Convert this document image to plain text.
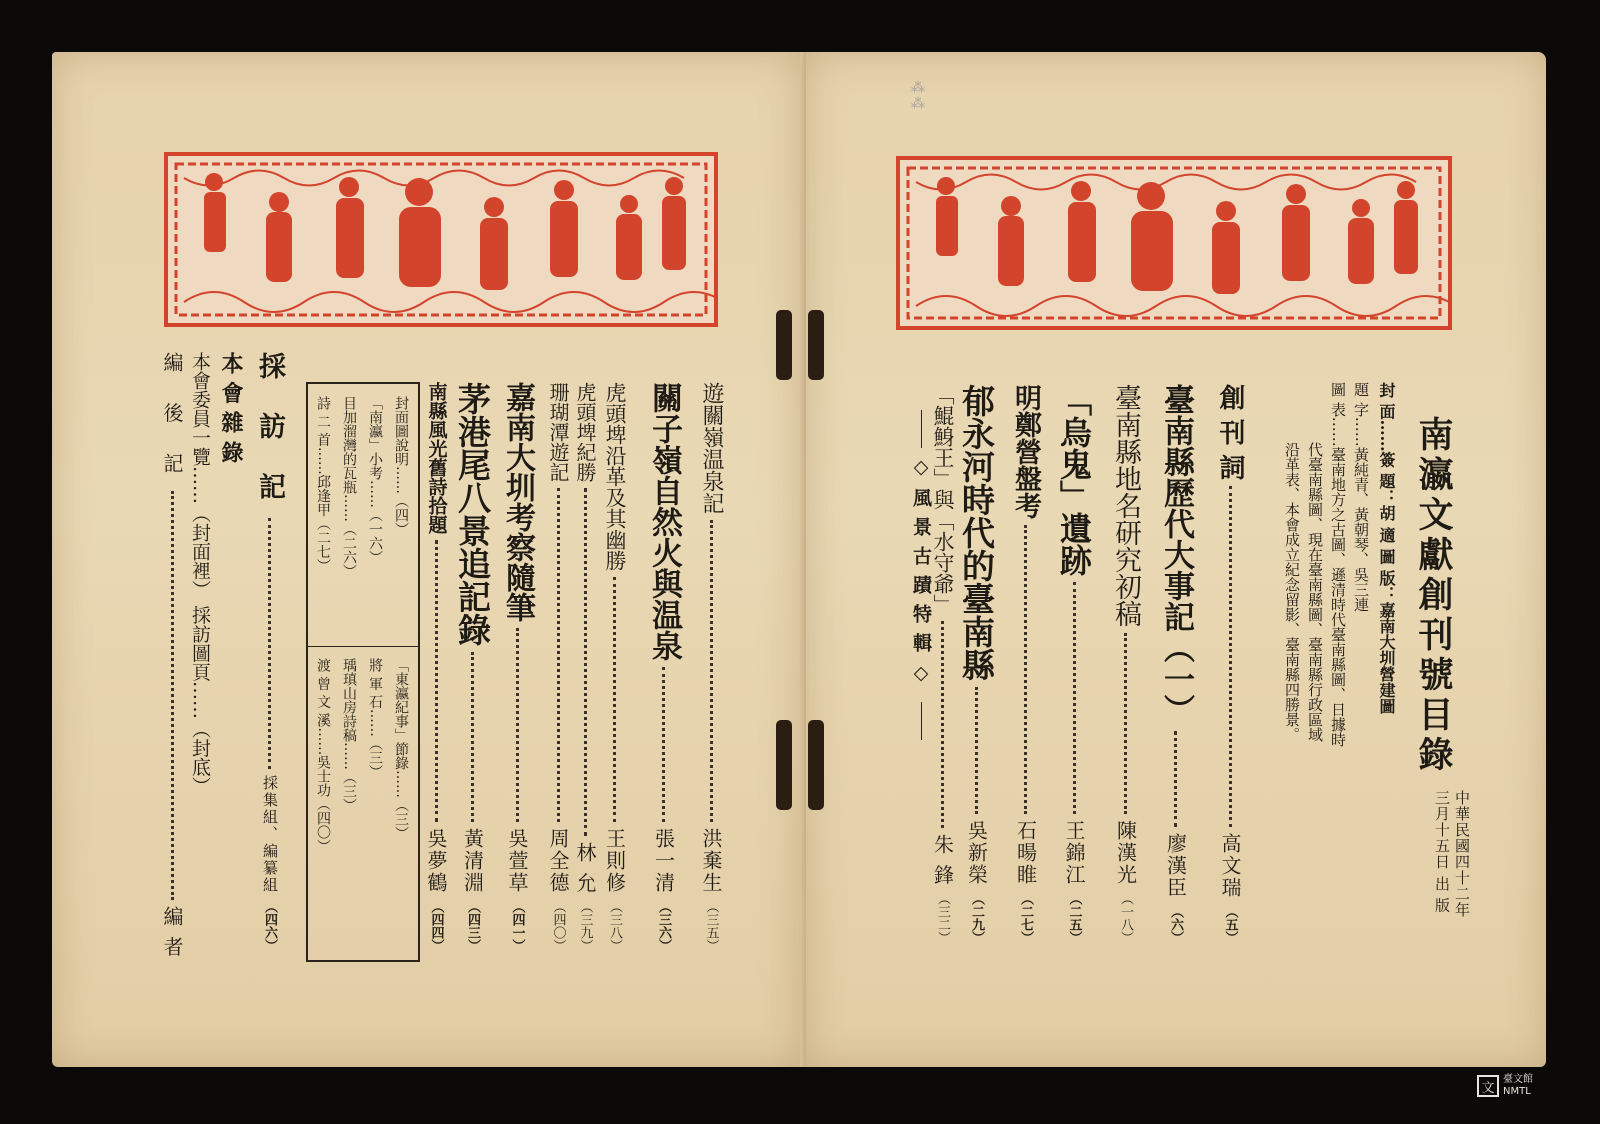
⁂⁂
南瀛文獻創刊號目錄
中華民國四十二年
三月十五日 出 版
封 面……簽 題：胡 適 圖 版：嘉南大圳營建圖
題 字……黃純青、黃朝琴、吳三連
圖 表……臺南地方之古圖、遜清時代臺南縣圖、日據時
代臺南縣圖、現在臺南縣圖、臺南縣行政區域
沿革表、本會成立紀念留影、臺南縣四勝景。
創 刊 詞
高文瑞
（五）
臺南縣歷代大事記（一）
廖漢臣
（六）
臺南縣地名研究初稿
陳漢光
（一八）
「烏鬼」遺跡
王錦江
（二五）
明鄭營盤考
石暘睢
（二七）
郁永河時代的臺南縣
吳新榮
（二九）
「鯤鯓王」與「水守爺」
朱 鋒
（三二）
◇風景古蹟特輯◇
遊關嶺温泉記
洪棄生
（三五）
關子嶺自然火與温泉
張一清
（三六）
虎頭埤沿革及其幽勝
王則修
（三八）
虎頭埤紀勝
林 允
（三九）
珊瑚潭遊記
周全德
（四〇）
嘉南大圳考察隨筆
吳萱草
（四一）
茅港尾八景追記錄
黃清淵
（四三）
南縣風光舊詩拾題
吳夢鶴
（四四）
封面圖說明……（四）
「南瀛」小考……（一六）
目加溜灣的瓦瓶……（二六）
詩 二 首……邱逢甲（二七）
「東瀛紀事」節錄……（三）
將 軍 石……（三）
瑀瑱山房詩稿……（三）
渡 曾 文 溪……吳士功（四〇）
採 訪 記
採集組、編纂組
（四六）
本 會 雜 錄
本會委員一覽……（封面裡） 採訪圖頁……（封底）
編 後 記
編 者
文
臺文館
NMTL
